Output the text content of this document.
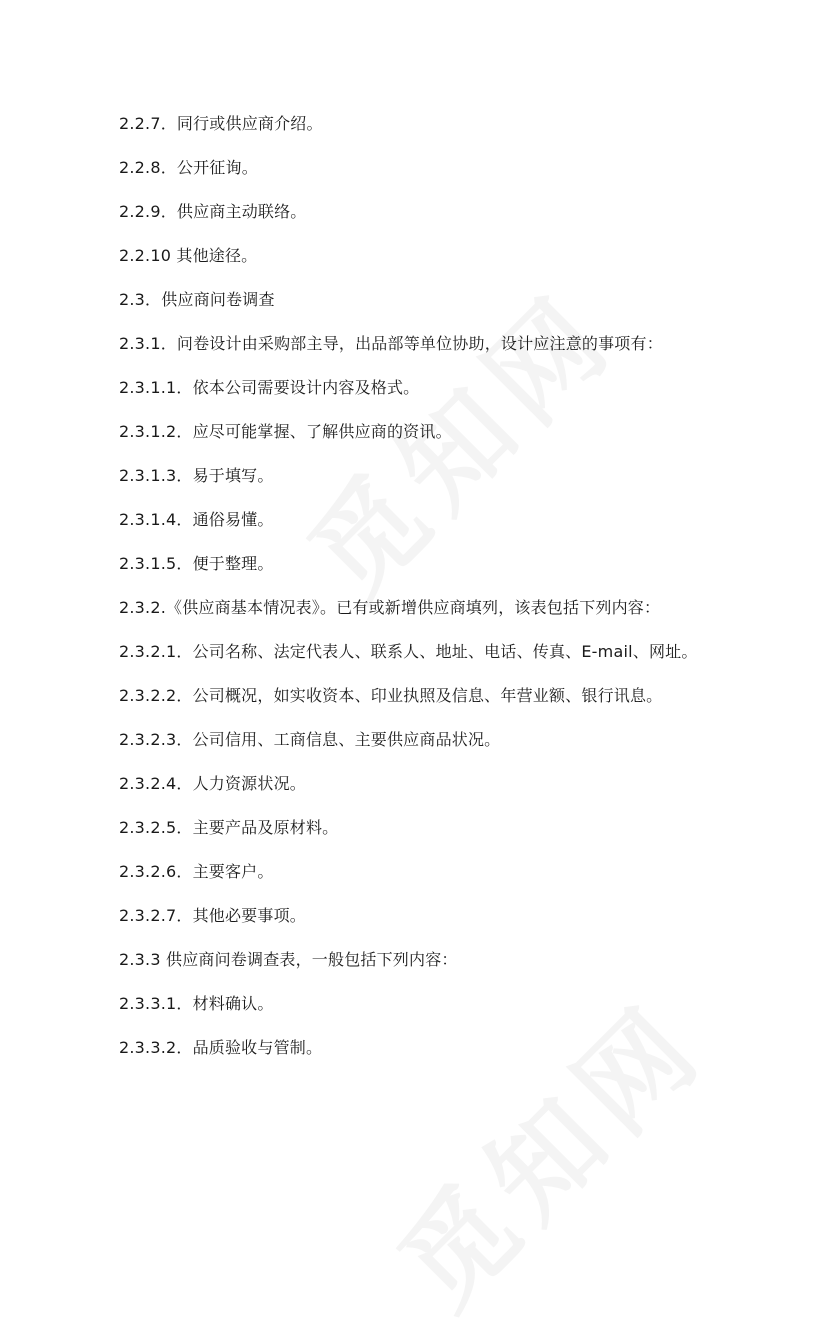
2.2.7．同行或供应商介绍。
2.2.8．公开征询。
2.2.9．供应商主动联络。
2.2.10 其他途径。
2.3．供应商问卷调查
2.3.1．问卷设计由采购部主导，出品部等单位协助，设计应注意的事项有：
2.3.1.1．依本公司需要设计内容及格式。
2.3.1.2．应尽可能掌握、了解供应商的资讯。
2.3.1.3．易于填写。
2.3.1.4．通俗易懂。
2.3.1.5．便于整理。
2.3.2.《供应商基本情况表》。已有或新增供应商填列，该表包括下列内容：
2.3.2.1．公司名称、法定代表人、联系人、地址、电话、传真、E-mail、网址。
2.3.2.2．公司概况，如实收资本、印业执照及信息、年营业额、银行讯息。
2.3.2.3．公司信用、工商信息、主要供应商品状况。
2.3.2.4．人力资源状况。
2.3.2.5．主要产品及原材料。
2.3.2.6．主要客户。
2.3.2.7．其他必要事项。
2.3.3 供应商问卷调查表，一般包括下列内容：
2.3.3.1．材料确认。
2.3.3.2．品质验收与管制。
